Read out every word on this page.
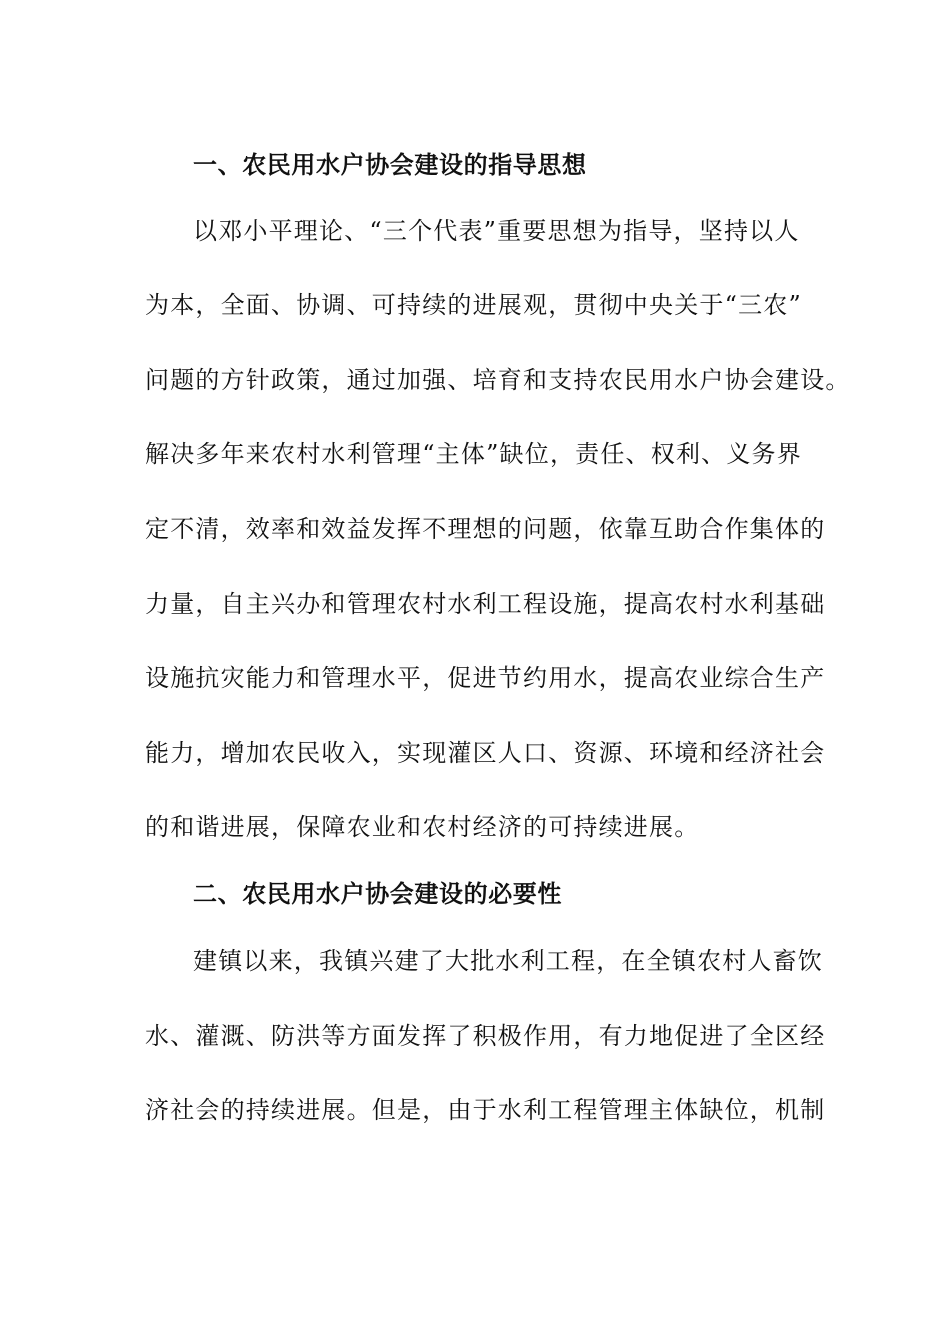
一、农民用水户协会建设的指导思想
以邓小平理论、“三个代表”重要思想为指导，坚持以人
为本，全面、协调、可持续的进展观，贯彻中央关于“三农”
问题的方针政策，通过加强、培育和支持农民用水户协会建设。
解决多年来农村水利管理“主体”缺位，责任、权利、义务界
定不清，效率和效益发挥不理想的问题，依靠互助合作集体的
力量，自主兴办和管理农村水利工程设施，提高农村水利基础
设施抗灾能力和管理水平，促进节约用水，提高农业综合生产
能力，增加农民收入，实现灌区人口、资源、环境和经济社会
的和谐进展，保障农业和农村经济的可持续进展。
二、农民用水户协会建设的必要性
建镇以来，我镇兴建了大批水利工程，在全镇农村人畜饮
水、灌溉、防洪等方面发挥了积极作用，有力地促进了全区经
济社会的持续进展。但是，由于水利工程管理主体缺位，机制
